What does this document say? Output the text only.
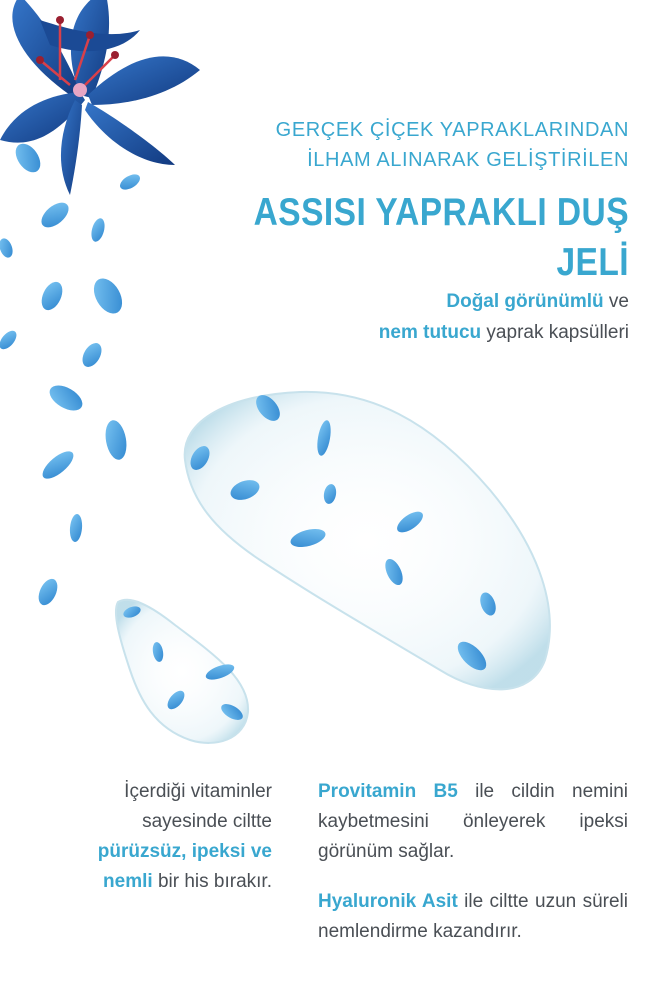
GERÇEK ÇİÇEK YAPRAKLARINDAN
İLHAM ALINARAK GELİŞTİRİLEN
ASSISI YAPRAKLI DUŞ JELİ
Doğal görünümlü ve
nem tutucu yaprak kapsülleri
İçerdiği vitaminler
sayesinde ciltte
pürüzsüz, ipeksi ve
nemli bir his bırakır.

Provitamin B5 ile cildin nemini kaybetmesini önleyerek ipeksi görünüm sağlar.

Hyaluronik Asit ile ciltte uzun süreli nemlendirme kazandırır.
